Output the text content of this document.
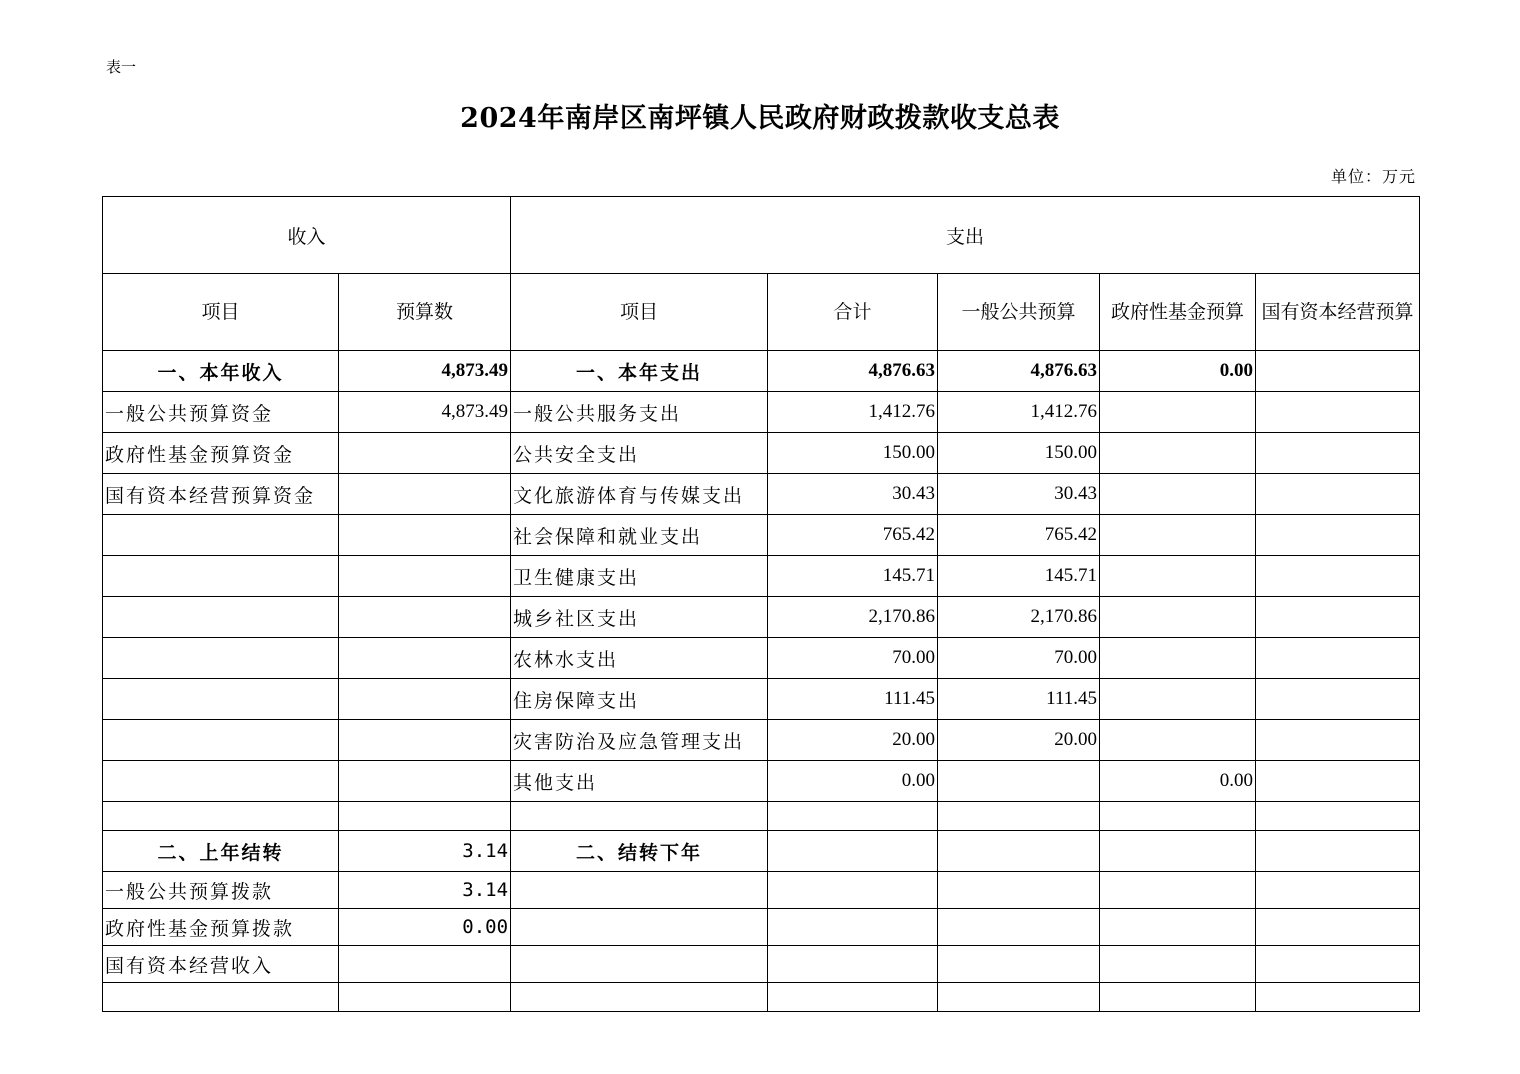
表一
2024年南岸区南坪镇人民政府财政拨款收支总表
单位：万元
收入		支出				
项目	预算数	项目	合计	一般公共预算	政府性基金预算	国有资本经营预算
一、本年收入	4,873.49	一、本年支出	4,876.63	4,876.63	0.00	
一般公共预算资金	4,873.49	一般公共服务支出	1,412.76	1,412.76		
政府性基金预算资金		公共安全支出	150.00	150.00		
国有资本经营预算资金		文化旅游体育与传媒支出	30.43	30.43		
		社会保障和就业支出	765.42	765.42		
		卫生健康支出	145.71	145.71		
		城乡社区支出	2,170.86	2,170.86		
		农林水支出	70.00	70.00		
		住房保障支出	111.45	111.45		
		灾害防治及应急管理支出	20.00	20.00		
		其他支出	0.00		0.00	

二、上年结转	3.14	二、结转下年				
一般公共预算拨款	3.14					
政府性基金预算拨款	0.00					
国有资本经营收入						
